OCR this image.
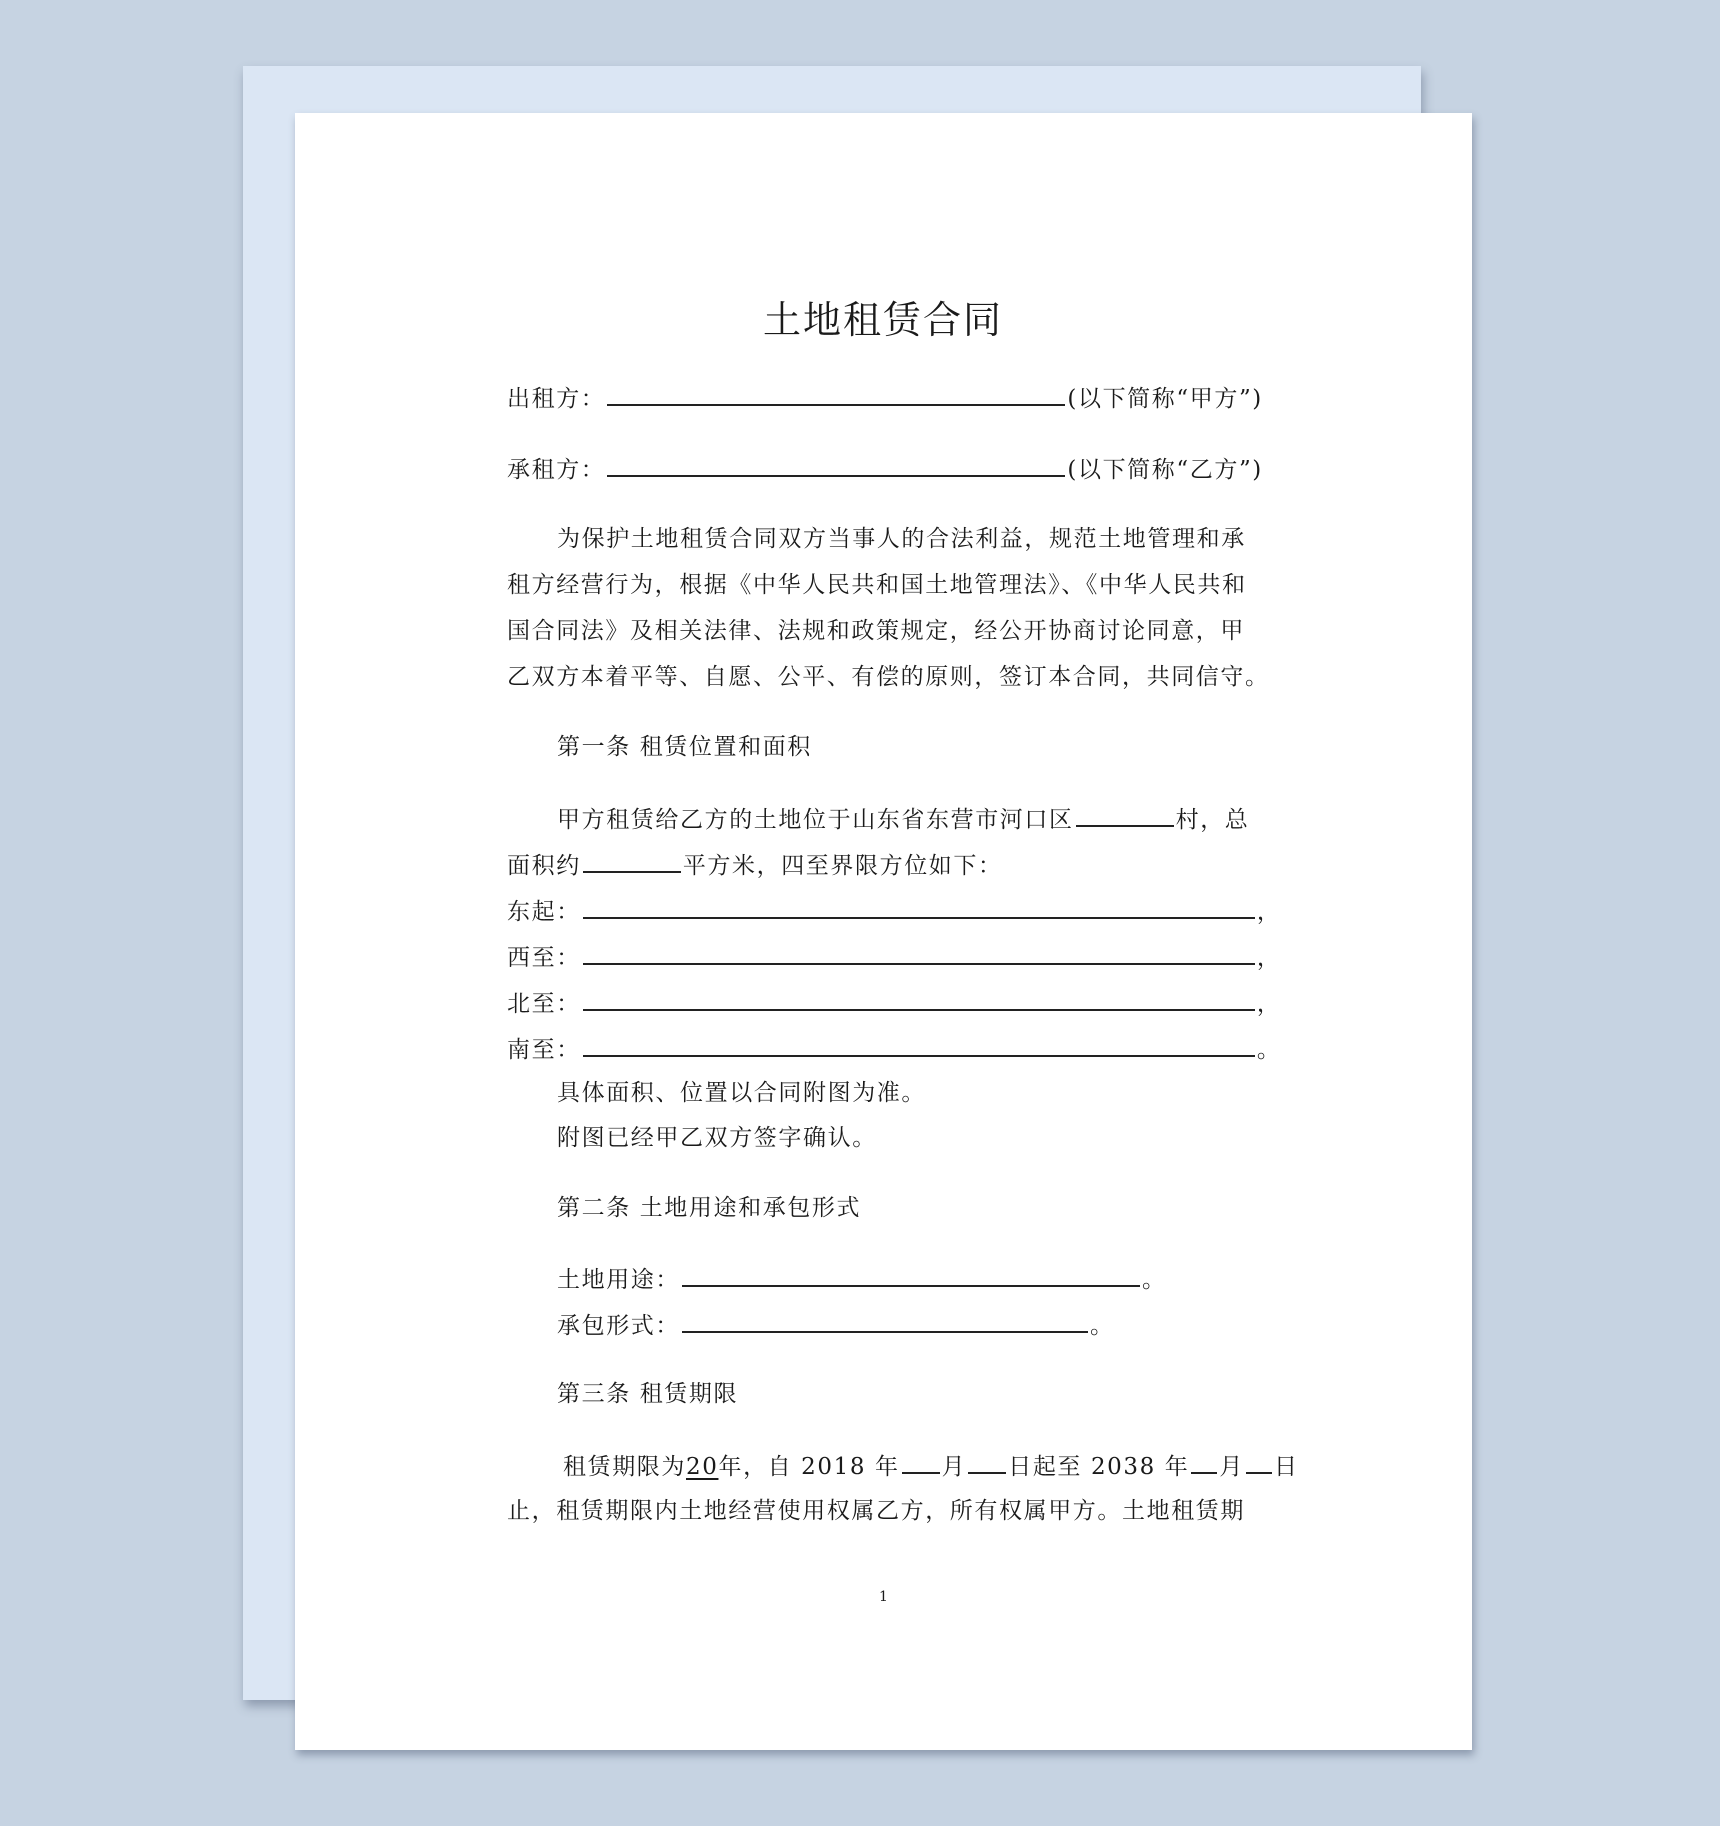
土地租赁合同
出租方：	(以下简称“甲方”)
承租方：	(以下简称“乙方”)
为保护土地租赁合同双方当事人的合法利益，规范土地管理和承
租方经营行为，根据《中华人民共和国土地管理法》、《中华人民共和
国合同法》及相关法律、法规和政策规定，经公开协商讨论同意，甲
乙双方本着平等、自愿、公平、有偿的原则，签订本合同，共同信守。
第一条 租赁位置和面积
甲方租赁给乙方的土地位于山东省东营市河口区	村，总
面积约	平方米，四至界限方位如下：
东起：	，
西至：	，
北至：	，
南至：	。
具体面积、位置以合同附图为准。
附图已经甲乙双方签字确认。
第二条 土地用途和承包形式
土地用途：	。
承包形式：	。
第三条 租赁期限
租赁期限为20年，自 2018 年 月 日起至 2038 年 月 日
止，租赁期限内土地经营使用权属乙方，所有权属甲方。土地租赁期
1
